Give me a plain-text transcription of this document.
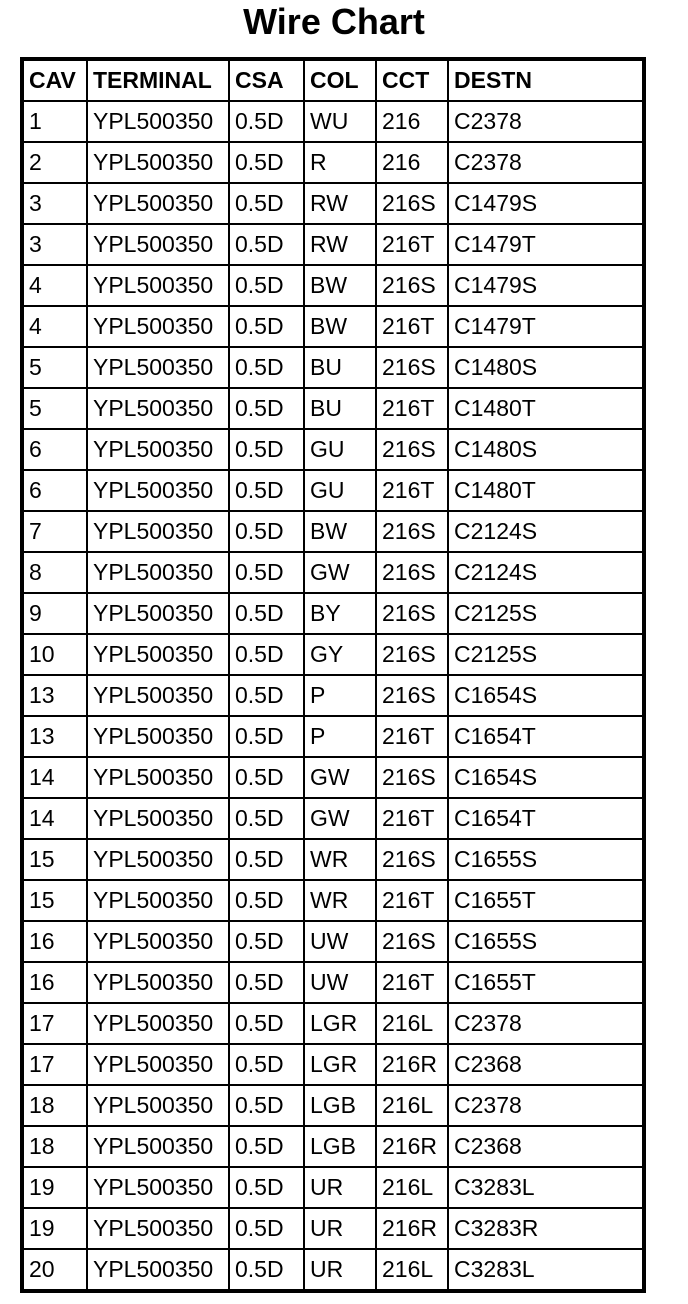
Wire Chart
CAV	TERMINAL	CSA	COL	CCT	DESTN
1	YPL500350	0.5D	WU	216	C2378
2	YPL500350	0.5D	R	216	C2378
3	YPL500350	0.5D	RW	216S	C1479S
3	YPL500350	0.5D	RW	216T	C1479T
4	YPL500350	0.5D	BW	216S	C1479S
4	YPL500350	0.5D	BW	216T	C1479T
5	YPL500350	0.5D	BU	216S	C1480S
5	YPL500350	0.5D	BU	216T	C1480T
6	YPL500350	0.5D	GU	216S	C1480S
6	YPL500350	0.5D	GU	216T	C1480T
7	YPL500350	0.5D	BW	216S	C2124S
8	YPL500350	0.5D	GW	216S	C2124S
9	YPL500350	0.5D	BY	216S	C2125S
10	YPL500350	0.5D	GY	216S	C2125S
13	YPL500350	0.5D	P	216S	C1654S
13	YPL500350	0.5D	P	216T	C1654T
14	YPL500350	0.5D	GW	216S	C1654S
14	YPL500350	0.5D	GW	216T	C1654T
15	YPL500350	0.5D	WR	216S	C1655S
15	YPL500350	0.5D	WR	216T	C1655T
16	YPL500350	0.5D	UW	216S	C1655S
16	YPL500350	0.5D	UW	216T	C1655T
17	YPL500350	0.5D	LGR	216L	C2378
17	YPL500350	0.5D	LGR	216R	C2368
18	YPL500350	0.5D	LGB	216L	C2378
18	YPL500350	0.5D	LGB	216R	C2368
19	YPL500350	0.5D	UR	216L	C3283L
19	YPL500350	0.5D	UR	216R	C3283R
20	YPL500350	0.5D	UR	216L	C3283L
